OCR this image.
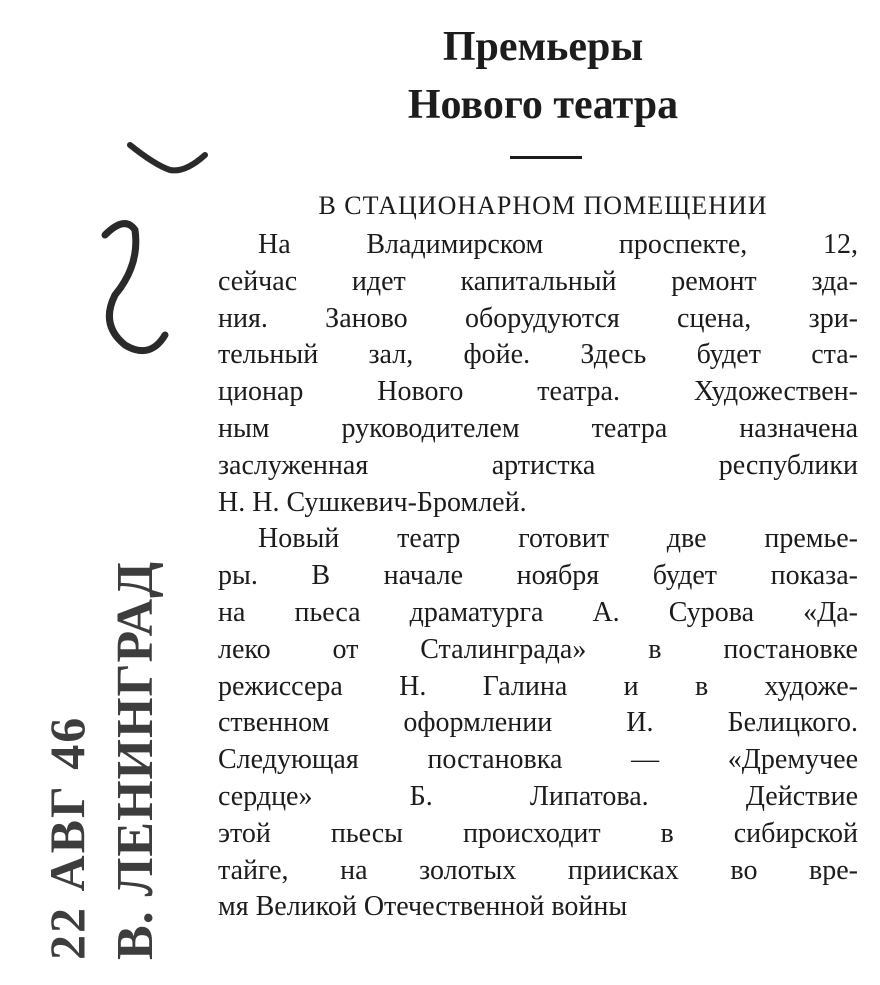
22 АВГ 46 В. ЛЕНИНГРАД
Премьеры
Нового театра
В СТАЦИОНАРНОМ ПОМЕЩЕНИИ
На Владимирском проспекте, 12,
сейчас идет капитальный ремонт зда-
ния. Заново оборудуются сцена, зри-
тельный зал, фойе. Здесь будет ста-
ционар Нового театра. Художествен-
ным руководителем театра назначена
заслуженная артистка республики
Н. Н. Сушкевич-Бромлей.
Новый театр готовит две премье-
ры. В начале ноября будет показа-
на пьеса драматурга А. Сурова «Да-
леко от Сталинграда» в постановке
режиссера Н. Галина и в художе-
ственном оформлении И. Белицкого.
Следующая постановка — «Дремучее
сердце» Б. Липатова. Действие
этой пьесы происходит в сибирской
тайге, на золотых приисках во вре-
мя Великой Отечественной войны
